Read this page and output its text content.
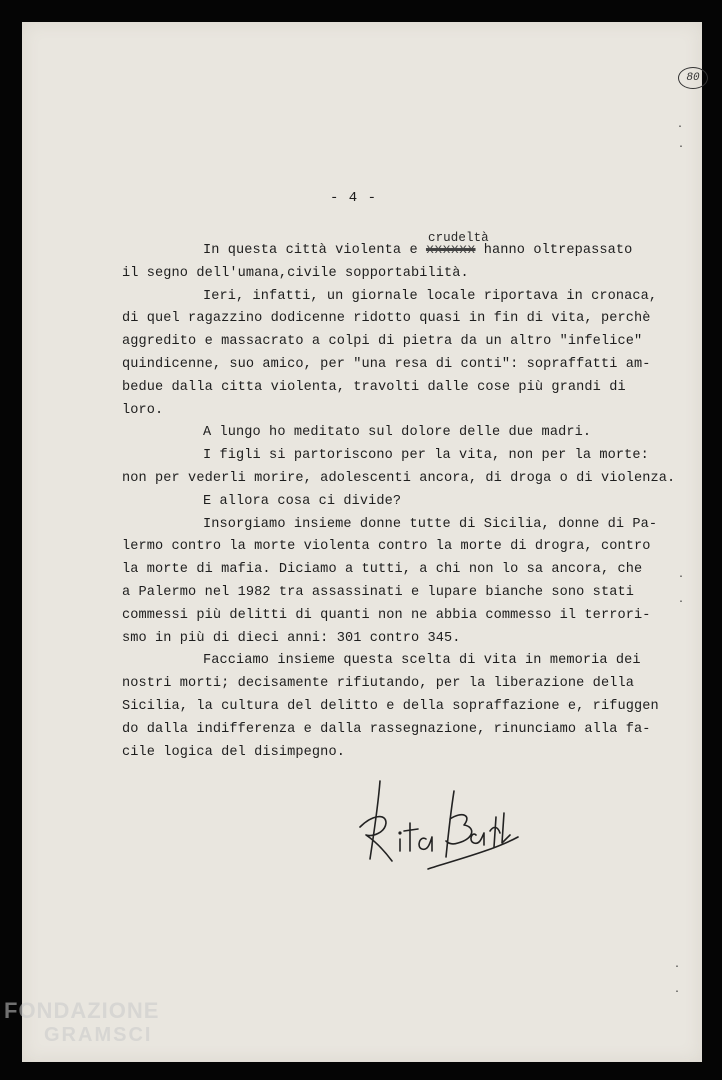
80
- 4 -
·
·
·
·
·
·
In questa città violenta e
crudeltà
xxxxxx hanno oltrepassato
il segno dell'umana,civile sopportabilità.
Ieri, infatti, un giornale locale riportava in cronaca,
di quel ragazzino dodicenne ridotto quasi in fin di vita, perchè
aggredito e massacrato a colpi di pietra da un altro "infelice"
quindicenne, suo amico, per "una resa di conti": sopraffatti am-
bedue dalla citta violenta, travolti dalle cose più grandi di
loro.
A lungo ho meditato sul dolore delle due madri.
I figli si partoriscono per la vita, non per la morte:
non per vederli morire, adolescenti ancora, di droga o di violenza.
E allora cosa ci divide?
Insorgiamo insieme donne tutte di Sicilia, donne di Pa-
lermo contro la morte violenta contro la morte di drogra, contro
la morte di mafia. Diciamo a tutti, a chi non lo sa ancora, che
a Palermo nel 1982 tra assassinati e lupare bianche sono stati
commessi più delitti di quanti non ne abbia commesso il terrori-
smo in più di dieci anni: 301 contro 345.
Facciamo insieme questa scelta di vita in memoria dei
nostri morti; decisamente rifiutando, per la liberazione della
Sicilia, la cultura del delitto e della sopraffazione e, rifuggen
do dalla indifferenza e dalla rassegnazione, rinunciamo alla fa-
cile logica del disimpegno.
FONDAZIONE
GRAMSCI
